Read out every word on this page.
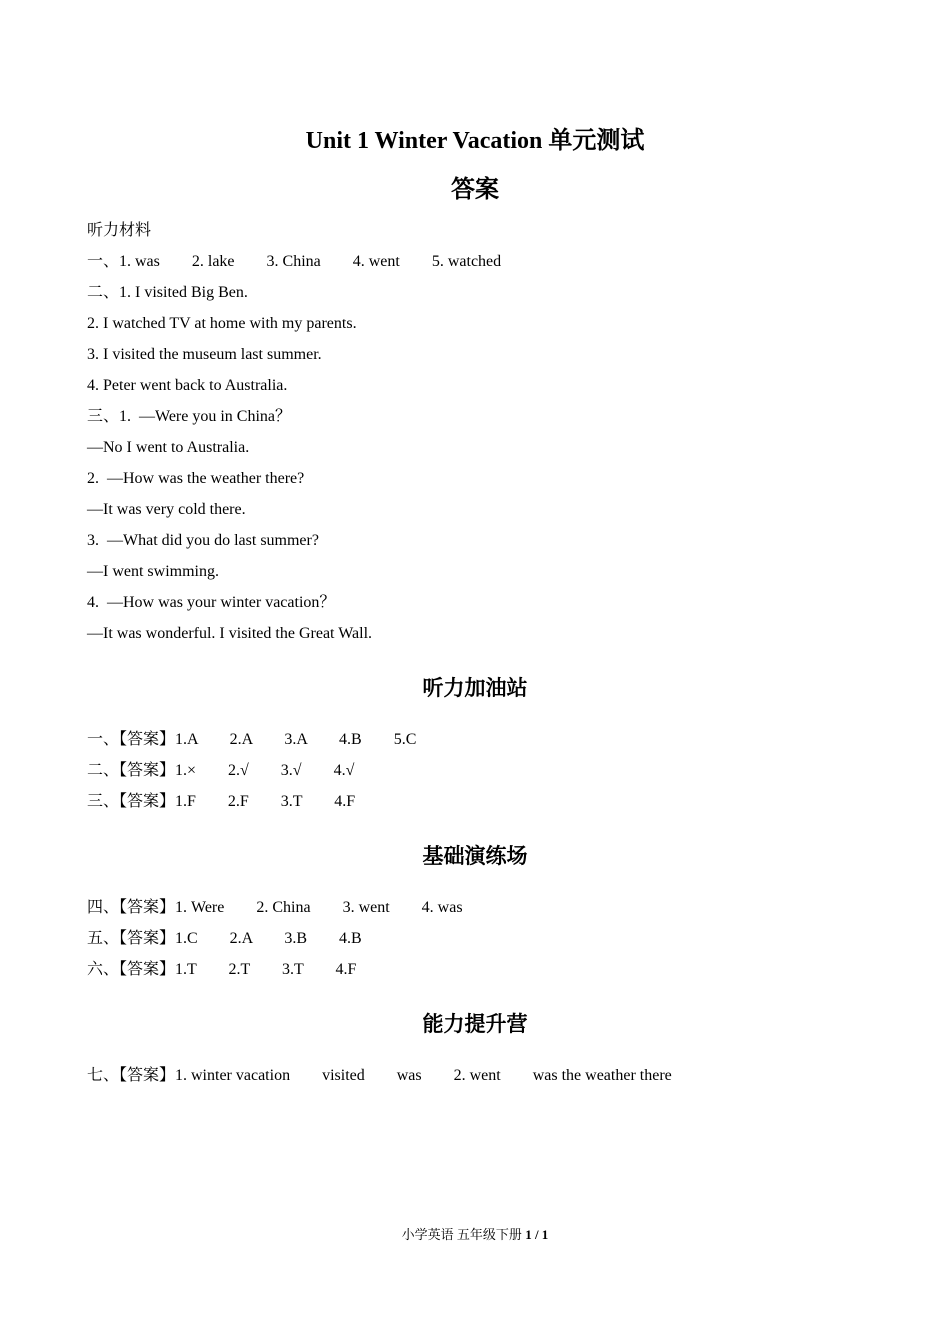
Unit 1 Winter Vacation 单元测试
答案
听力材料
一、1. was        2. lake        3. China        4. went        5. watched
二、1. I visited Big Ben.
2. I watched TV at home with my parents.
3. I visited the museum last summer.
4. Peter went back to Australia.
三、1.  —Were you in China？
—No I went to Australia.
2.  —How was the weather there?
—It was very cold there.
3.  —What did you do last summer?
—I went swimming.
4.  —How was your winter vacation？
—It was wonderful. I visited the Great Wall.
听力加油站
一、【答案】1.A        2.A        3.A        4.B        5.C
二、【答案】1.×        2.√        3.√        4.√
三、【答案】1.F        2.F        3.T        4.F
基础演练场
四、【答案】1. Were        2. China        3. went        4. was
五、【答案】1.C        2.A        3.B        4.B
六、【答案】1.T        2.T        3.T        4.F
能力提升营
七、【答案】1. winter vacation        visited        was        2. went        was the weather there
小学英语 五年级下册 1 / 1
